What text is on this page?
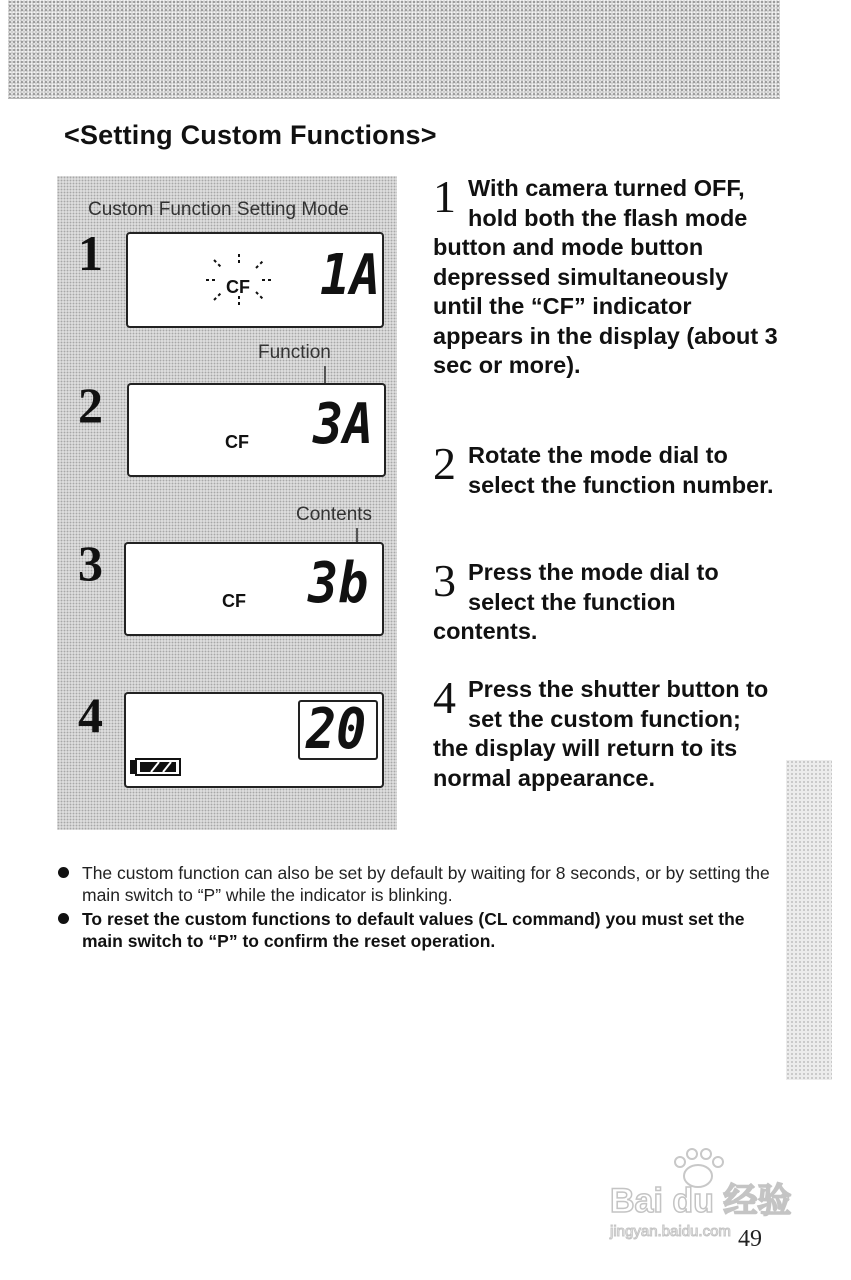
<Setting Custom Functions>
Custom Function Setting Mode
1
CF 1A
Function
2
CF 3A
Contents
3
CF 3b
4	20

1 With camera turned OFF, hold both the flash mode button and mode button depressed simultaneously until the “CF” indicator appears in the display (about 3 sec or more).

2 Rotate the mode dial to select the function number.

3 Press the mode dial to select the function contents.

4 Press the shutter button to set the custom function; the display will return to its normal appearance.

The custom function can also be set by default by waiting for 8 seconds, or by setting the main switch to “P” while the indicator is blinking.
To reset the custom functions to default values (CL command) you must set the main switch to “P” to confirm the reset operation.
Bai du 经验
jingyan.baidu.com 49
